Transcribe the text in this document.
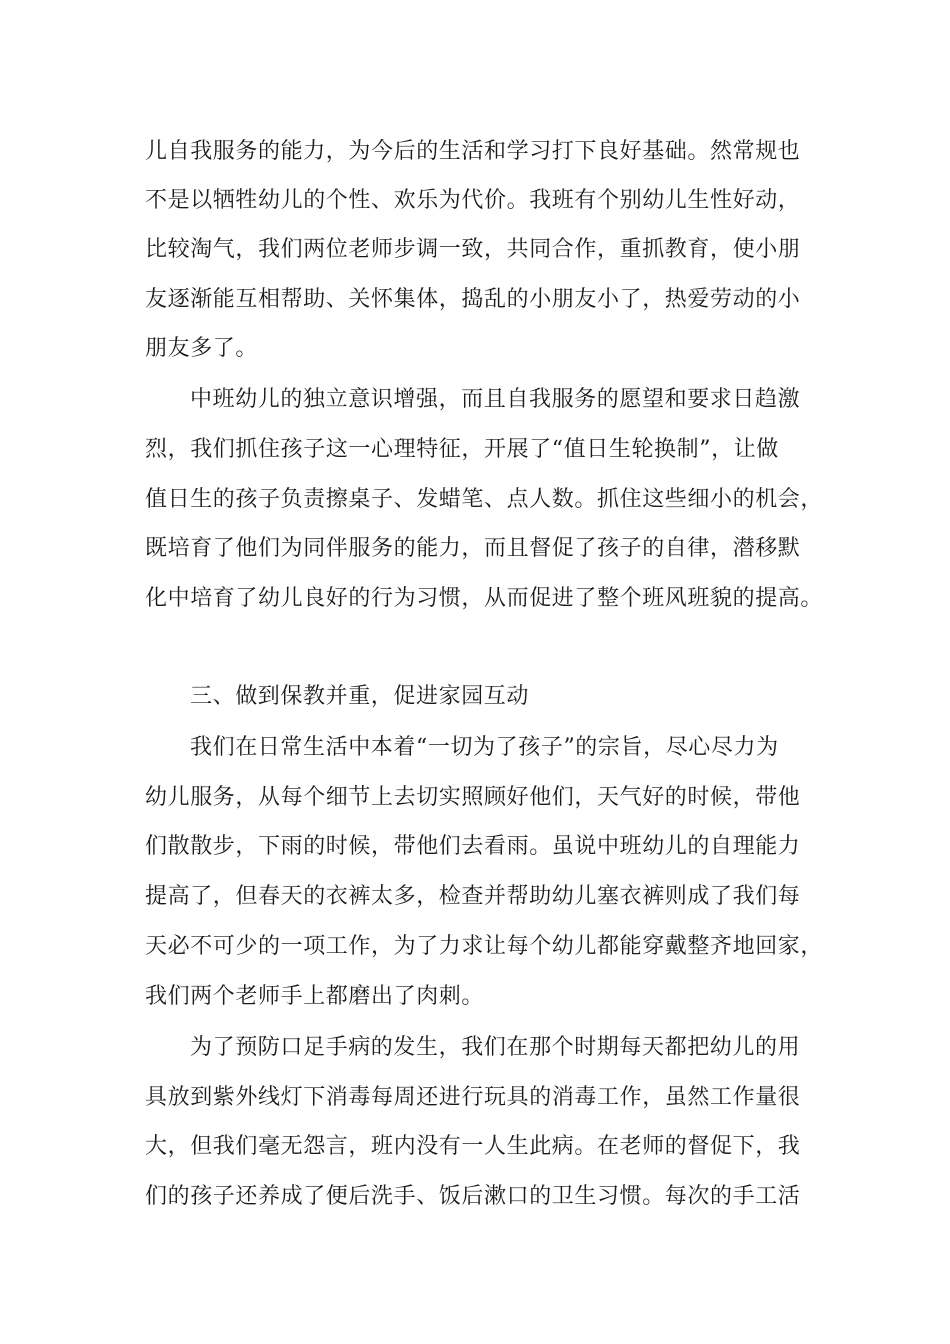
儿自我服务的能力，为今后的生活和学习打下良好基础。然常规也
不是以牺牲幼儿的个性、欢乐为代价。我班有个别幼儿生性好动，
比较淘气，我们两位老师步调一致，共同合作，重抓教育，使小朋
友逐渐能互相帮助、关怀集体，捣乱的小朋友小了，热爱劳动的小
朋友多了。
中班幼儿的独立意识增强，而且自我服务的愿望和要求日趋激
烈，我们抓住孩子这一心理特征，开展了“值日生轮换制”，让做
值日生的孩子负责擦桌子、发蜡笔、点人数。抓住这些细小的机会，
既培育了他们为同伴服务的能力，而且督促了孩子的自律，潜移默
化中培育了幼儿良好的行为习惯，从而促进了整个班风班貌的提高。
三、做到保教并重，促进家园互动
我们在日常生活中本着“一切为了孩子”的宗旨，尽心尽力为
幼儿服务，从每个细节上去切实照顾好他们，天气好的时候，带他
们散散步，下雨的时候，带他们去看雨。虽说中班幼儿的自理能力
提高了，但春天的衣裤太多，检查并帮助幼儿塞衣裤则成了我们每
天必不可少的一项工作，为了力求让每个幼儿都能穿戴整齐地回家，
我们两个老师手上都磨出了肉刺。
为了预防口足手病的发生，我们在那个时期每天都把幼儿的用
具放到紫外线灯下消毒每周还进行玩具的消毒工作，虽然工作量很
大，但我们毫无怨言，班内没有一人生此病。在老师的督促下，我
们的孩子还养成了便后洗手、饭后漱口的卫生习惯。每次的手工活
